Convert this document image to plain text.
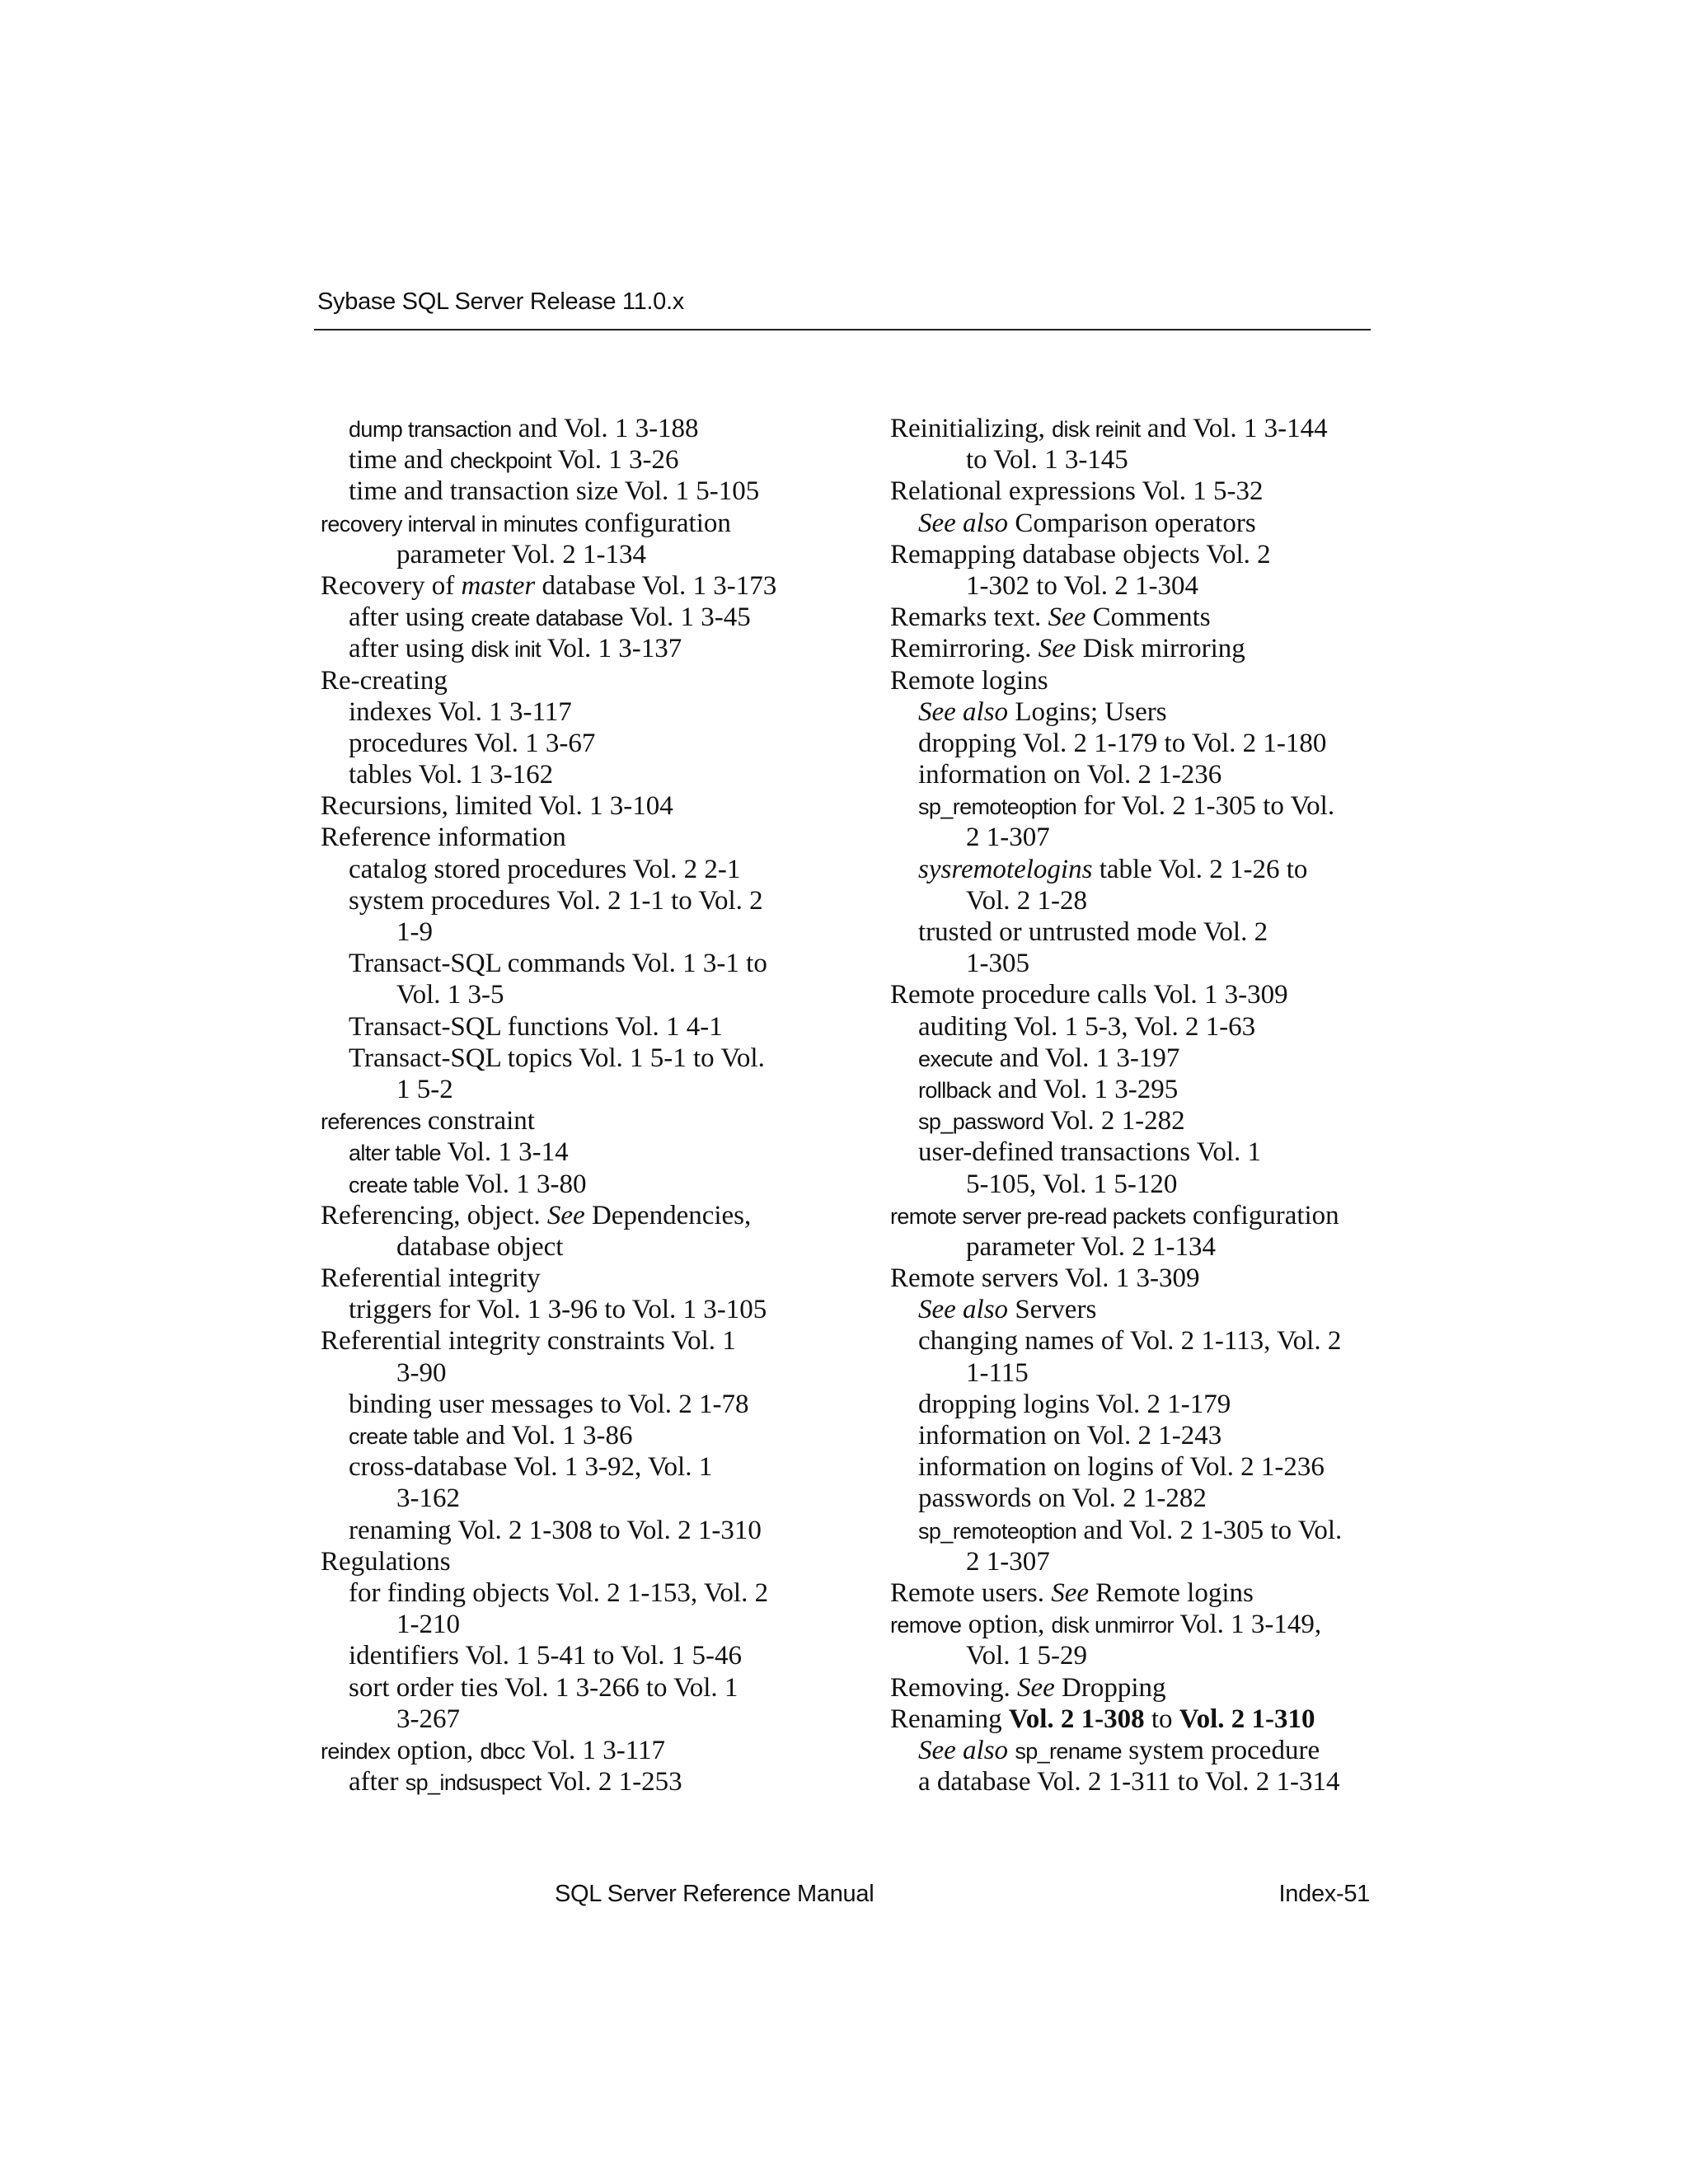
Sybase SQL Server Release 11.0.x
dump transaction and Vol. 1 3-188
time and checkpoint Vol. 1 3-26
time and transaction size Vol. 1 5-105
recovery interval in minutes configuration
parameter Vol. 2 1-134
Recovery of master database Vol. 1 3-173
after using create database Vol. 1 3-45
after using disk init Vol. 1 3-137
Re-creating
indexes Vol. 1 3-117
procedures Vol. 1 3-67
tables Vol. 1 3-162
Recursions, limited Vol. 1 3-104
Reference information
catalog stored procedures Vol. 2 2-1
system procedures Vol. 2 1-1 to Vol. 2
1-9
Transact-SQL commands Vol. 1 3-1 to
Vol. 1 3-5
Transact-SQL functions Vol. 1 4-1
Transact-SQL topics Vol. 1 5-1 to Vol.
1 5-2
references constraint
alter table Vol. 1 3-14
create table Vol. 1 3-80
Referencing, object. See Dependencies,
database object
Referential integrity
triggers for Vol. 1 3-96 to Vol. 1 3-105
Referential integrity constraints Vol. 1
3-90
binding user messages to Vol. 2 1-78
create table and Vol. 1 3-86
cross-database Vol. 1 3-92, Vol. 1
3-162
renaming Vol. 2 1-308 to Vol. 2 1-310
Regulations
for finding objects Vol. 2 1-153, Vol. 2
1-210
identifiers Vol. 1 5-41 to Vol. 1 5-46
sort order ties Vol. 1 3-266 to Vol. 1
3-267
reindex option, dbcc Vol. 1 3-117
after sp_indsuspect Vol. 2 1-253
Reinitializing, disk reinit and Vol. 1 3-144
to Vol. 1 3-145
Relational expressions Vol. 1 5-32
See also Comparison operators
Remapping database objects Vol. 2
1-302 to Vol. 2 1-304
Remarks text. See Comments
Remirroring. See Disk mirroring
Remote logins
See also Logins; Users
dropping Vol. 2 1-179 to Vol. 2 1-180
information on Vol. 2 1-236
sp_remoteoption for Vol. 2 1-305 to Vol.
2 1-307
sysremotelogins table Vol. 2 1-26 to
Vol. 2 1-28
trusted or untrusted mode Vol. 2
1-305
Remote procedure calls Vol. 1 3-309
auditing Vol. 1 5-3, Vol. 2 1-63
execute and Vol. 1 3-197
rollback and Vol. 1 3-295
sp_password Vol. 2 1-282
user-defined transactions Vol. 1
5-105, Vol. 1 5-120
remote server pre-read packets configuration
parameter Vol. 2 1-134
Remote servers Vol. 1 3-309
See also Servers
changing names of Vol. 2 1-113, Vol. 2
1-115
dropping logins Vol. 2 1-179
information on Vol. 2 1-243
information on logins of Vol. 2 1-236
passwords on Vol. 2 1-282
sp_remoteoption and Vol. 2 1-305 to Vol.
2 1-307
Remote users. See Remote logins
remove option, disk unmirror Vol. 1 3-149,
Vol. 1 5-29
Removing. See Dropping
Renaming Vol. 2 1-308 to Vol. 2 1-310
See also sp_rename system procedure
a database Vol. 2 1-311 to Vol. 2 1-314
SQL Server Reference Manual	Index-51
